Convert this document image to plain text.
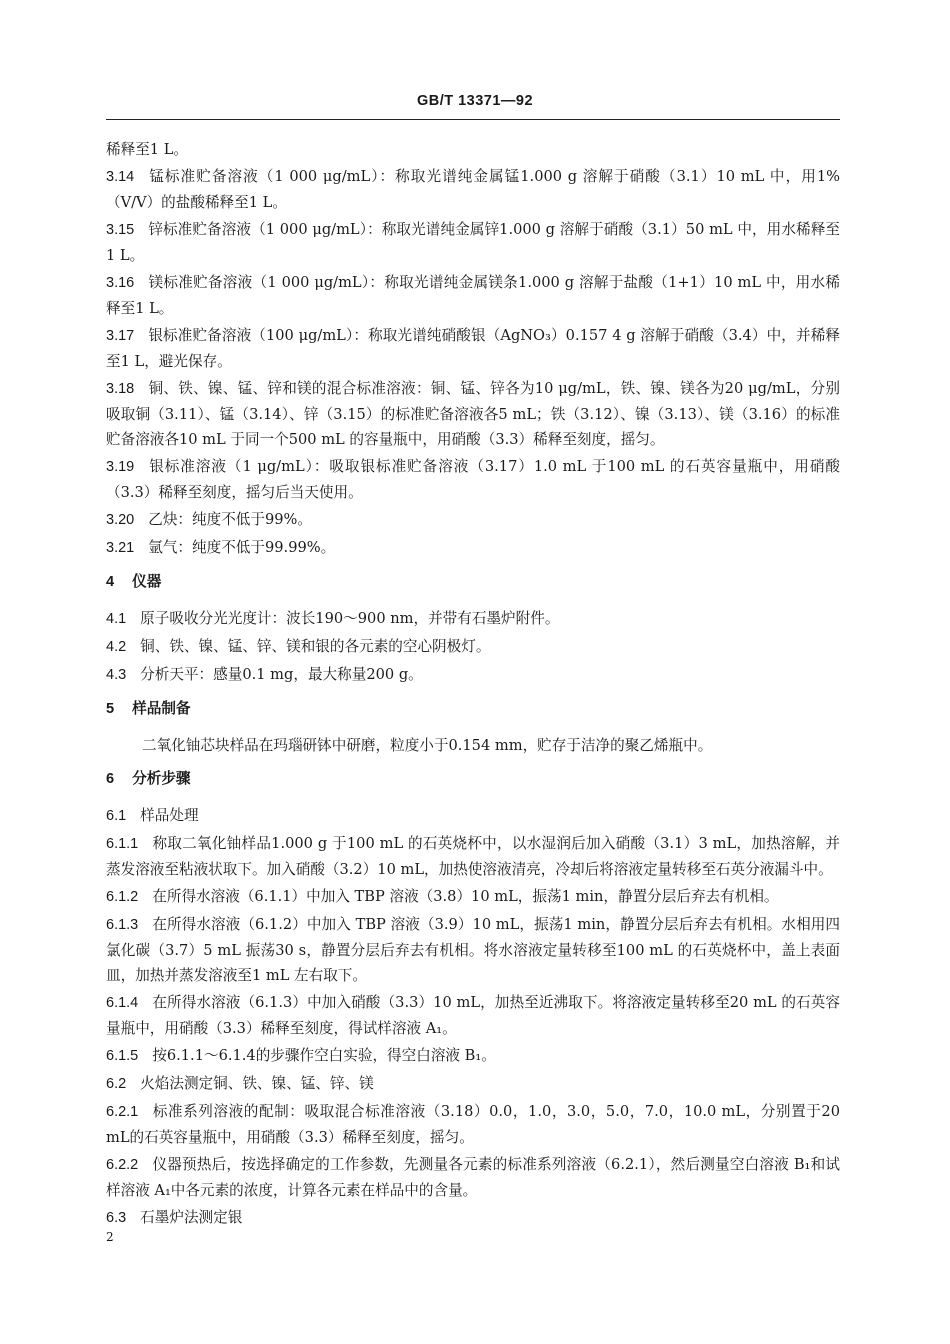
GB/T 13371—92

稀释至1 L。

3.14 锰标准贮备溶液（1 000 μg/mL）：称取光谱纯金属锰1.000 g 溶解于硝酸（3.1）10 mL 中，用1%（V/V）的盐酸稀释至1 L。

3.15 锌标准贮备溶液（1 000 μg/mL）：称取光谱纯金属锌1.000 g 溶解于硝酸（3.1）50 mL 中，用水稀释至1 L。

3.16 镁标准贮备溶液（1 000 μg/mL）：称取光谱纯金属镁条1.000 g 溶解于盐酸（1+1）10 mL 中，用水稀释至1 L。

3.17 银标准贮备溶液（100 μg/mL）：称取光谱纯硝酸银（AgNO₃）0.157 4 g 溶解于硝酸（3.4）中，并稀释至1 L，避光保存。

3.18 铜、铁、镍、锰、锌和镁的混合标准溶液：铜、锰、锌各为10 μg/mL，铁、镍、镁各为20 μg/mL，分别吸取铜（3.11）、锰（3.14）、锌（3.15）的标准贮备溶液各5 mL；铁（3.12）、镍（3.13）、镁（3.16）的标准贮备溶液各10 mL 于同一个500 mL 的容量瓶中，用硝酸（3.3）稀释至刻度，摇匀。

3.19 银标准溶液（1 μg/mL）：吸取银标准贮备溶液（3.17）1.0 mL 于100 mL 的石英容量瓶中，用硝酸（3.3）稀释至刻度，摇匀后当天使用。

3.20 乙炔：纯度不低于99%。

3.21 氩气：纯度不低于99.99%。

4 仪器

4.1 原子吸收分光光度计：波长190～900 nm，并带有石墨炉附件。

4.2 铜、铁、镍、锰、锌、镁和银的各元素的空心阴极灯。

4.3 分析天平：感量0.1 mg，最大称量200 g。

5 样品制备

二氧化铀芯块样品在玛瑙研钵中研磨，粒度小于0.154 mm，贮存于洁净的聚乙烯瓶中。

6 分析步骤

6.1 样品处理

6.1.1 称取二氧化铀样品1.000 g 于100 mL 的石英烧杯中，以水湿润后加入硝酸（3.1）3 mL，加热溶解，并蒸发溶液至粘液状取下。加入硝酸（3.2）10 mL，加热使溶液清亮，冷却后将溶液定量转移至石英分液漏斗中。

6.1.2 在所得水溶液（6.1.1）中加入 TBP 溶液（3.8）10 mL，振荡1 min，静置分层后弃去有机相。

6.1.3 在所得水溶液（6.1.2）中加入 TBP 溶液（3.9）10 mL，振荡1 min，静置分层后弃去有机相。水相用四氯化碳（3.7）5 mL 振荡30 s，静置分层后弃去有机相。将水溶液定量转移至100 mL 的石英烧杯中，盖上表面皿，加热并蒸发溶液至1 mL 左右取下。

6.1.4 在所得水溶液（6.1.3）中加入硝酸（3.3）10 mL，加热至近沸取下。将溶液定量转移至20 mL 的石英容量瓶中，用硝酸（3.3）稀释至刻度，得试样溶液 A₁。

6.1.5 按6.1.1～6.1.4的步骤作空白实验，得空白溶液 B₁。

6.2 火焰法测定铜、铁、镍、锰、锌、镁

6.2.1 标准系列溶液的配制：吸取混合标准溶液（3.18）0.0，1.0，3.0，5.0，7.0，10.0 mL，分别置于20 mL的石英容量瓶中，用硝酸（3.3）稀释至刻度，摇匀。

6.2.2 仪器预热后，按选择确定的工作参数，先测量各元素的标准系列溶液（6.2.1），然后测量空白溶液 B₁和试样溶液 A₁中各元素的浓度，计算各元素在样品中的含量。

6.3 石墨炉法测定银

2
